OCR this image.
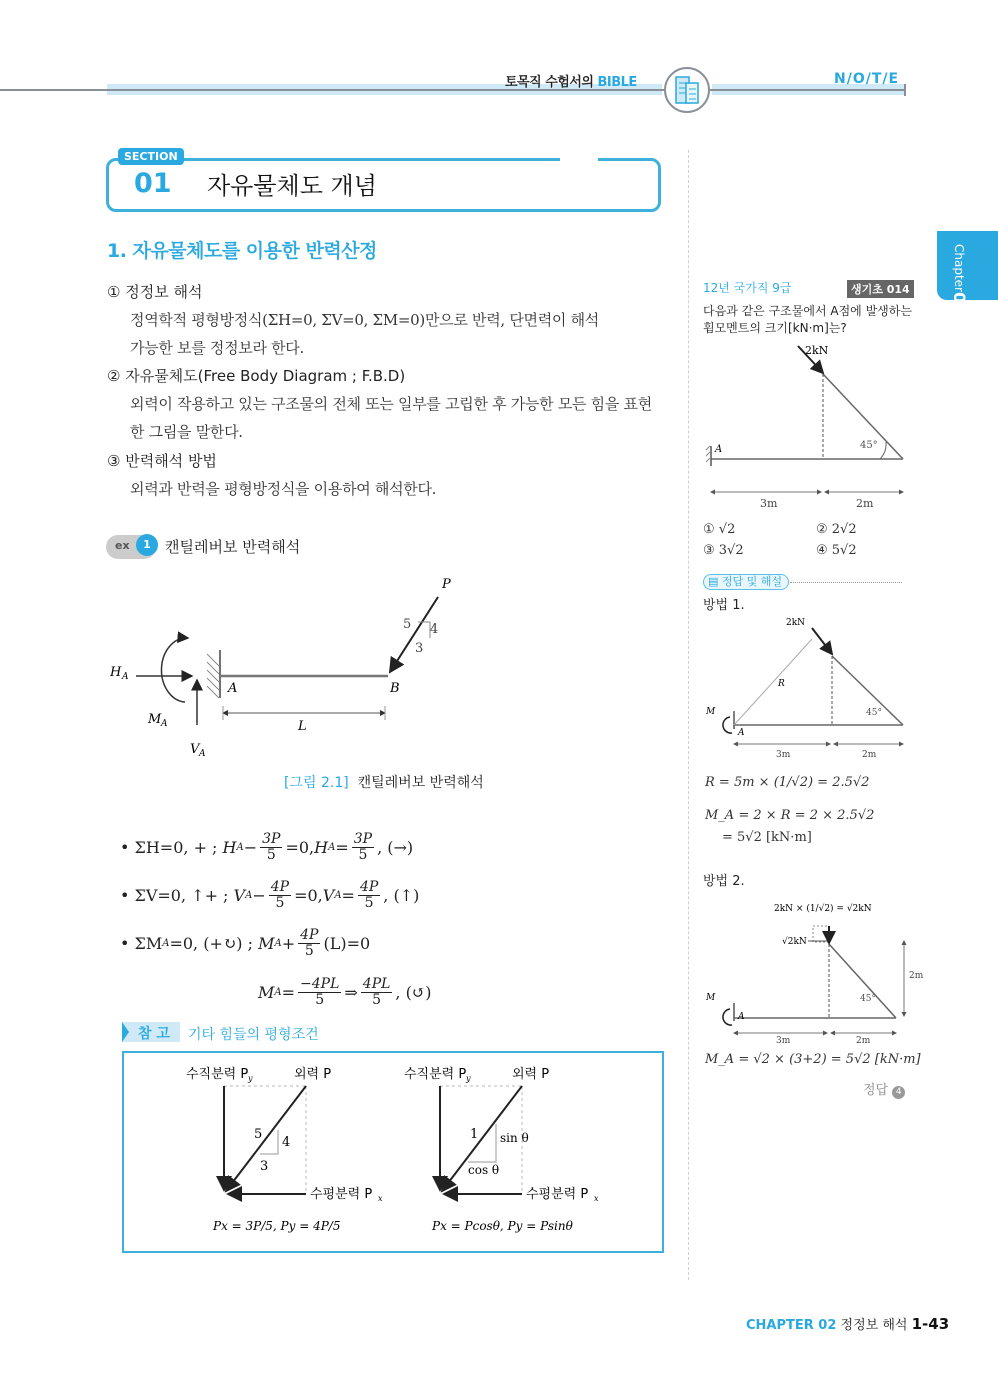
토목직 수험서의 BIBLE	N/O/T/E
SECTION
01 자유물체도 개념
1. 자유물체도를 이용한 반력산정
① 정정보 해석
정역학적 평형방정식(ΣH=0, ΣV=0, ΣM=0)만으로 반력, 단면력이 해석
가능한 보를 정정보라 한다.
② 자유물체도(Free Body Diagram ; F.B.D)
외력이 작용하고 있는 구조물의 전체 또는 일부를 고립한 후 가능한 모든 힘을 표현
한 그림을 말한다.
③ 반력해석 방법
외력과 반력을 평형방정식을 이용하여 해석한다.
ex	1 캔틸레버보 반력해석
P
5 4
3
H A
M A
V A
A	B
L
[그림 2.1] 캔틸레버보 반력해석
• ΣH=0,
+ ;
H $A - \frac{3P}{5} =0$, H $A = \frac{3P}{5}$ , (→)
• ΣV=0,
↑+ ;
V $A - \frac{4P}{5} =0$, V $A = \frac{4P}{5}$ , (↑)
• ΣM A =0,
(+↻) ;
M $A + \frac{4P}{5} (L)=0$
M $A = \frac{-4PL}{5}$ ⇒ $\frac{4PL}{5}$ , (↺)
참 고 기타 힘들의 평형조건
수직분력 P y	외력 P
수평분력 P x
5
4
3
Px = 3P/5, Py = 4P/5
수직분력 P y	외력 P
수평분력 P x
1 sin θ
cos θ
Px = Pcosθ, Py = Psinθ
Chapter02
12년 국가직 9급	생기초 014
다음과 같은 구조물에서 A점에 발생하는 휨모멘트의 크기[kN·m]는?
2kN
A	45°
3m	2m
① √2	② 2√2
③ 3√2	④ 5√2
▤ 정답 및 해설
방법 1.
2kN
R
M
A
45°
3m	2m
R = 5m × (1/√2) = 2.5√2
M_A = 2 × R = 2 × 2.5√2
= 5√2 [kN·m]
방법 2.
2kN × (1/√2) = √2kN
√2kN
M
A
45°
3m	2m
2m
M_A = √2 × (3+2) = 5√2 [kN·m]
정답 4
CHAPTER 02 정정보 해석 1-43
